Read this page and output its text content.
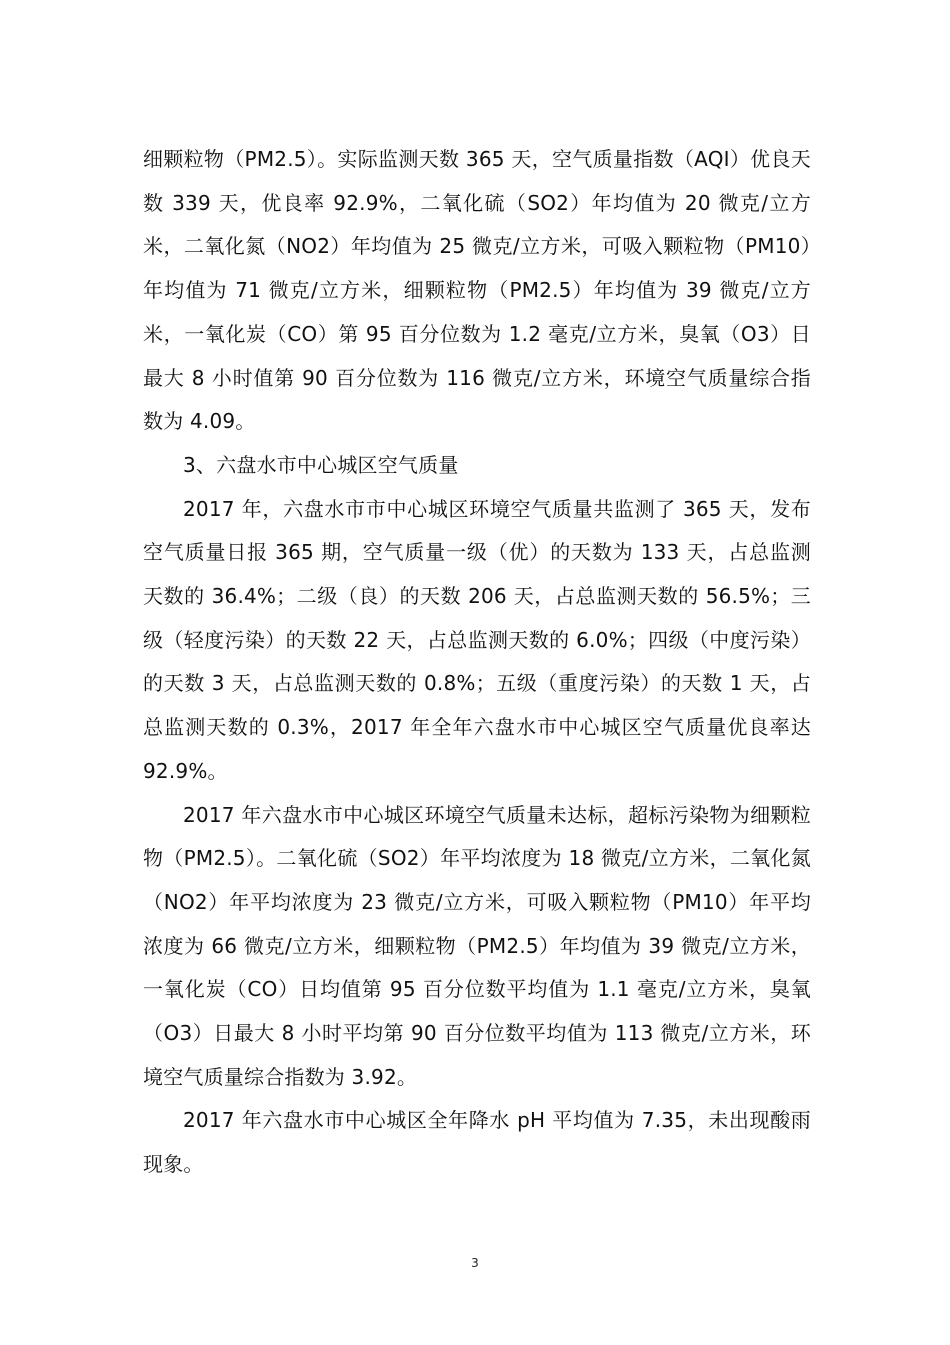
细颗粒物（PM2.5）。实际监测天数 365 天，空气质量指数（AQI）优良天数 339 天，优良率 92.9%，二氧化硫（SO2）年均值为 20 微克/立方米，二氧化氮（NO2）年均值为 25 微克/立方米，可吸入颗粒物（PM10）年均值为 71 微克/立方米，细颗粒物（PM2.5）年均值为 39 微克/立方米，一氧化炭（CO）第 95 百分位数为 1.2 毫克/立方米，臭氧（O3）日最大 8 小时值第 90 百分位数为 116 微克/立方米，环境空气质量综合指数为 4.09。

3、六盘水市中心城区空气质量

2017 年，六盘水市市中心城区环境空气质量共监测了 365 天，发布空气质量日报 365 期，空气质量一级（优）的天数为 133 天，占总监测天数的 36.4%；二级（良）的天数 206 天，占总监测天数的 56.5%；三级（轻度污染）的天数 22 天，占总监测天数的 6.0%；四级（中度污染）的天数 3 天，占总监测天数的 0.8%；五级（重度污染）的天数 1 天，占总监测天数的 0.3%，2017 年全年六盘水市中心城区空气质量优良率达 92.9%。

2017 年六盘水市中心城区环境空气质量未达标，超标污染物为细颗粒物（PM2.5）。二氧化硫（SO2）年平均浓度为 18 微克/立方米，二氧化氮（NO2）年平均浓度为 23 微克/立方米，可吸入颗粒物（PM10）年平均浓度为 66 微克/立方米，细颗粒物（PM2.5）年均值为 39 微克/立方米，一氧化炭（CO）日均值第 95 百分位数平均值为 1.1 毫克/立方米，臭氧（O3）日最大 8 小时平均第 90 百分位数平均值为 113 微克/立方米，环境空气质量综合指数为 3.92。

2017 年六盘水市中心城区全年降水 pH 平均值为 7.35，未出现酸雨现象。

3
